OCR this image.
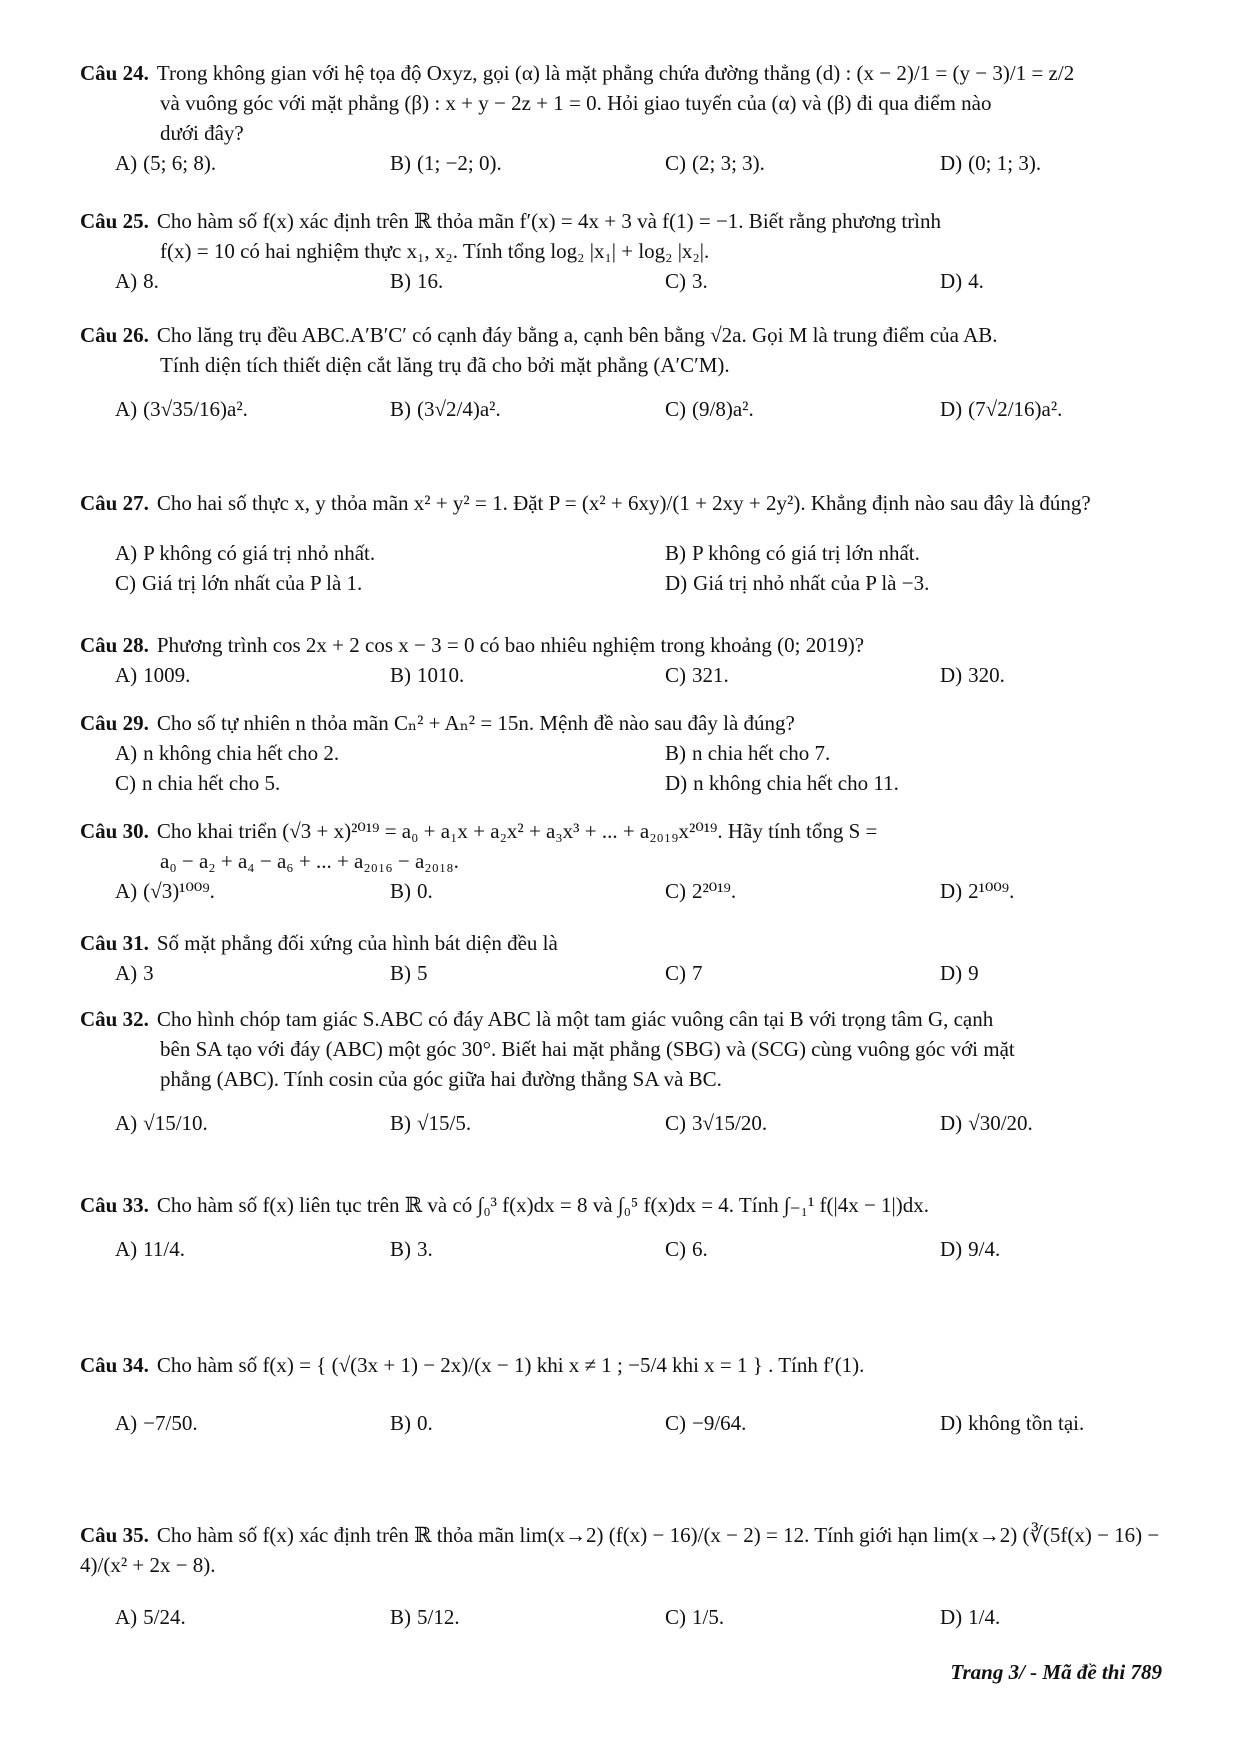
Câu 24. Trong không gian với hệ tọa độ Oxyz, gọi (α) là mặt phẳng chứa đường thẳng (d) : (x − 2)/1 = (y − 3)/1 = z/2
và vuông góc với mặt phẳng (β) : x + y − 2z + 1 = 0. Hỏi giao tuyến của (α) và (β) đi qua điểm nào
dưới đây?
A) (5; 6; 8).	B) (1; −2; 0).	C) (2; 3; 3).	D) (0; 1; 3).
Câu 25. Cho hàm số f(x) xác định trên ℝ thỏa mãn f′(x) = 4x + 3 và f(1) = −1. Biết rằng phương trình
f(x) = 10 có hai nghiệm thực x₁, x₂. Tính tổng log₂ |x₁| + log₂ |x₂|.
A) 8.	B) 16.	C) 3.	D) 4.
Câu 26. Cho lăng trụ đều ABC.A′B′C′ có cạnh đáy bằng a, cạnh bên bằng √2a. Gọi M là trung điểm của AB.
Tính diện tích thiết diện cắt lăng trụ đã cho bởi mặt phẳng (A′C′M).
A) (3√35/16)a².	B) (3√2/4)a².	C) (9/8)a².	D) (7√2/16)a².
Câu 27. Cho hai số thực x, y thỏa mãn x² + y² = 1. Đặt P = (x² + 6xy)/(1 + 2xy + 2y²). Khẳng định nào sau đây là đúng?
A) P không có giá trị nhỏ nhất.	B) P không có giá trị lớn nhất.
C) Giá trị lớn nhất của P là 1.	D) Giá trị nhỏ nhất của P là −3.
Câu 28. Phương trình cos 2x + 2 cos x − 3 = 0 có bao nhiêu nghiệm trong khoảng (0; 2019)?
A) 1009.	B) 1010.	C) 321.	D) 320.
Câu 29. Cho số tự nhiên n thỏa mãn Cₙ² + Aₙ² = 15n. Mệnh đề nào sau đây là đúng?
A) n không chia hết cho 2.	B) n chia hết cho 7.
C) n chia hết cho 5.	D) n không chia hết cho 11.
Câu 30. Cho khai triển (√3 + x)²⁰¹⁹ = a₀ + a₁x + a₂x² + a₃x³ + ... + a₂₀₁₉x²⁰¹⁹. Hãy tính tổng S =
a₀ − a₂ + a₄ − a₆ + ... + a₂₀₁₆ − a₂₀₁₈.
A) (√3)¹⁰⁰⁹.	B) 0.	C) 2²⁰¹⁹.	D) 2¹⁰⁰⁹.
Câu 31. Số mặt phẳng đối xứng của hình bát diện đều là
A) 3	B) 5	C) 7	D) 9
Câu 32. Cho hình chóp tam giác S.ABC có đáy ABC là một tam giác vuông cân tại B với trọng tâm G, cạnh
bên SA tạo với đáy (ABC) một góc 30°. Biết hai mặt phẳng (SBG) và (SCG) cùng vuông góc với mặt
phẳng (ABC). Tính cosin của góc giữa hai đường thẳng SA và BC.
A) √15/10.	B) √15/5.	C) 3√15/20.	D) √30/20.
Câu 33. Cho hàm số f(x) liên tục trên ℝ và có ∫₀³ f(x)dx = 8 và ∫₀⁵ f(x)dx = 4. Tính ∫₋₁¹ f(|4x − 1|)dx.
A) 11/4.	B) 3.	C) 6.	D) 9/4.
Câu 34. Cho hàm số f(x) = { (√(3x + 1) − 2x)/(x − 1) khi x ≠ 1 ; −5/4 khi x = 1 } . Tính f′(1).
A) −7/50.	B) 0.	C) −9/64.	D) không tồn tại.
Câu 35. Cho hàm số f(x) xác định trên ℝ thỏa mãn lim(x→2) (f(x) − 16)/(x − 2) = 12. Tính giới hạn lim(x→2) (∛(5f(x) − 16) − 4)/(x² + 2x − 8).
A) 5/24.	B) 5/12.	C) 1/5.	D) 1/4.
Trang 3/ - Mã đề thi 789
